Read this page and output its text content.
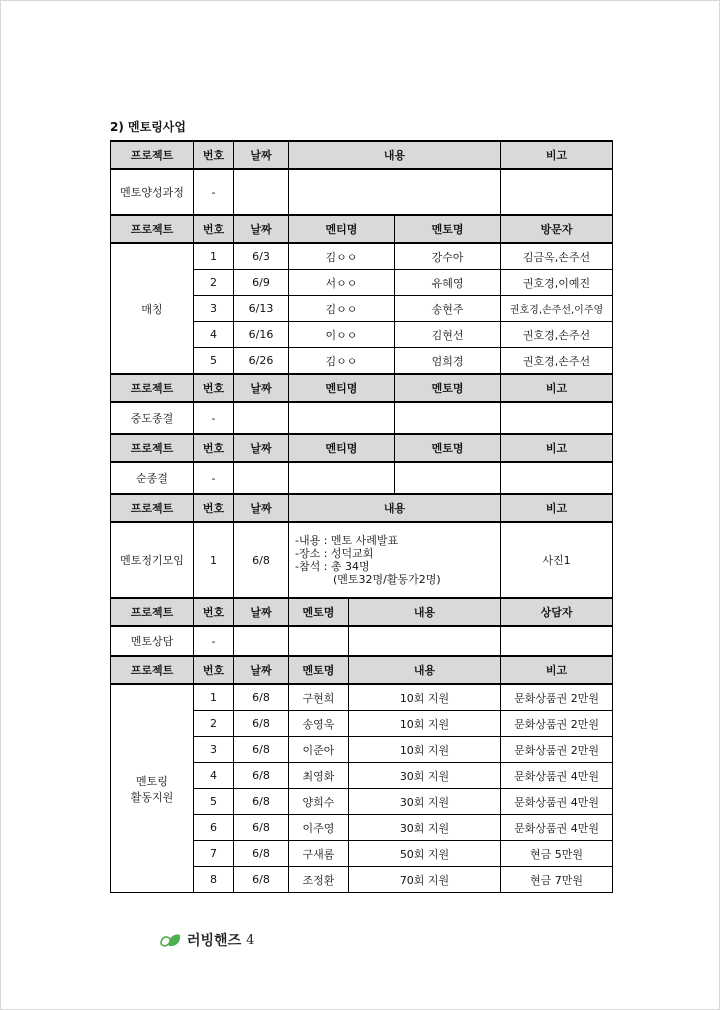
2) 멘토링사업
프로젝트	번호	날짜	내용			비고
멘토양성과정	-					
프로젝트	번호	날짜	멘티명		멘토명	방문자
매칭	1	6/3	김ㅇㅇ		강수아	김금옥,손주선
	2	6/9	서ㅇㅇ		유혜영	권호경,이예진
	3	6/13	김ㅇㅇ		송현주	권호경,손주선,이주영
	4	6/16	이ㅇㅇ		김현선	권호경,손주선
	5	6/26	김ㅇㅇ		엄희경	권호경,손주선
프로젝트	번호	날짜	멘티명		멘토명	비고
중도종결	-					
프로젝트	번호	날짜	멘티명		멘토명	비고
순종결	-					
프로젝트	번호	날짜	내용			비고
멘토정기모임	1	6/8	-내용 : 멘토 사례발표
-장소 : 성덕교회
-참석 : 총 34명
(멘토32명/활동가2명)			사진1
프로젝트	번호	날짜	멘토명	내용		상담자
멘토상담	-					
프로젝트	번호	날짜	멘토명	내용		비고

멘토링
활동지원	1	6/8	구현희	10회 지원		문화상품권 2만원
	2	6/8	송영욱	10회 지원		문화상품권 2만원
	3	6/8	이준아	10회 지원		문화상품권 2만원
	4	6/8	최영화	30회 지원		문화상품권 4만원
	5	6/8	양희수	30회 지원		문화상품권 4만원
	6	6/8	이주영	30회 지원		문화상품권 4만원
	7	6/8	구새롬	50회 지원		현금 5만원
	8	6/8	조정환	70회 지원		현금 7만원
러빙핸즈 4
